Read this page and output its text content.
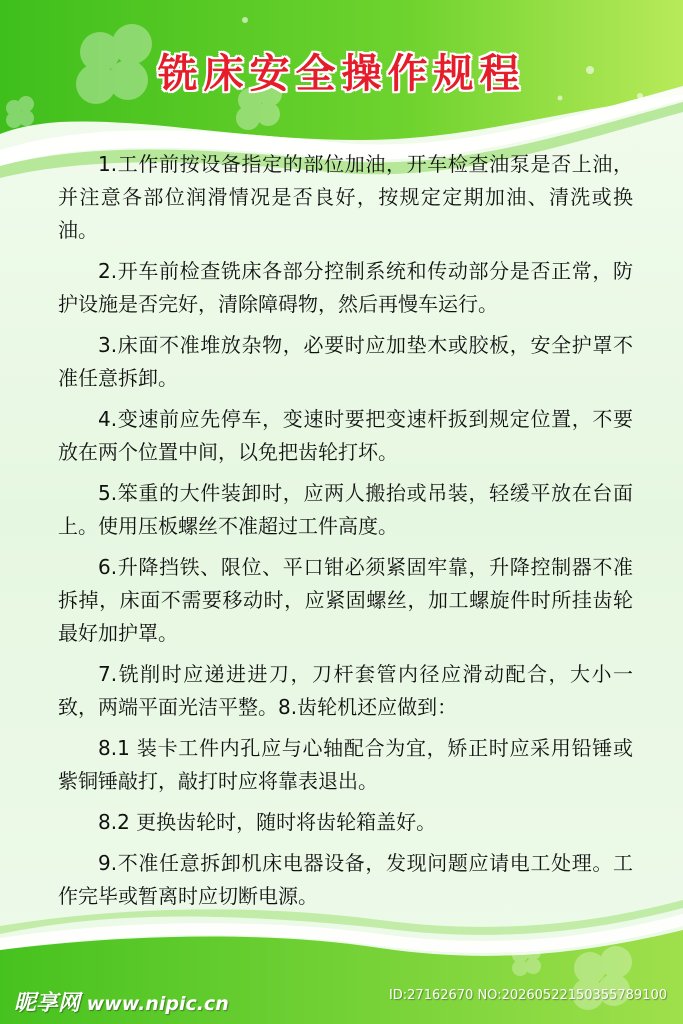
铣床安全操作规程

1.工作前按设备指定的部位加油，开车检查油泵是否上油，并注意各部位润滑情况是否良好，按规定定期加油、清洗或换油。

2.开车前检查铣床各部分控制系统和传动部分是否正常，防护设施是否完好，清除障碍物，然后再慢车运行。

3.床面不准堆放杂物，必要时应加垫木或胶板，安全护罩不准任意拆卸。

4.变速前应先停车，变速时要把变速杆扳到规定位置，不要放在两个位置中间，以免把齿轮打坏。

5.笨重的大件装卸时，应两人搬抬或吊装，轻缓平放在台面上。使用压板螺丝不准超过工件高度。

6.升降挡铁、限位、平口钳必须紧固牢靠，升降控制器不准拆掉，床面不需要移动时，应紧固螺丝，加工螺旋件时所挂齿轮最好加护罩。

7.铣削时应递进进刀，刀杆套管内径应滑动配合，大小一致，两端平面光洁平整。8.齿轮机还应做到：

8.1 装卡工件内孔应与心轴配合为宜，矫正时应采用铅锤或紫铜锤敲打，敲打时应将靠表退出。

8.2 更换齿轮时，随时将齿轮箱盖好。

9.不准任意拆卸机床电器设备，发现问题应请电工处理。工作完毕或暂离时应切断电源。

昵享网 www.nipic.cn	ID:27162670 NO:20260522150355789100
